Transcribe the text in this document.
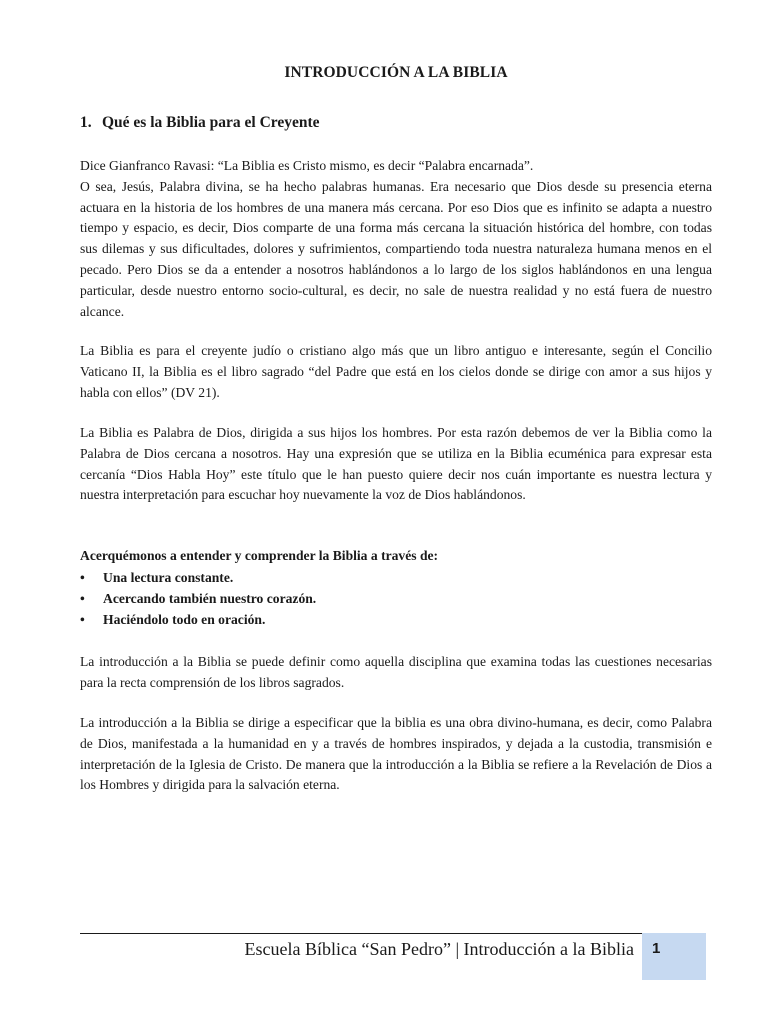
INTRODUCCIÓN A LA BIBLIA
1. Qué es la Biblia para el Creyente

Dice Gianfranco Ravasi: “La Biblia es Cristo mismo, es decir “Palabra encarnada”.

O sea, Jesús, Palabra divina, se ha hecho palabras humanas. Era necesario que Dios desde su presencia eterna actuara en la historia de los hombres de una manera más cercana. Por eso Dios que es infinito se adapta a nuestro tiempo y espacio, es decir, Dios comparte de una forma más cercana la situación histórica del hombre, con todas sus dilemas y sus dificultades, dolores y sufrimientos, compartiendo toda nuestra naturaleza humana menos en el pecado. Pero Dios se da a entender a nosotros hablándonos a lo largo de los siglos hablándonos en una lengua particular, desde nuestro entorno socio-cultural, es decir, no sale de nuestra realidad y no está fuera de nuestro alcance.

La Biblia es para el creyente judío o cristiano algo más que un libro antiguo e interesante, según el Concilio Vaticano II, la Biblia es el libro sagrado “del Padre que está en los cielos donde se dirige con amor a sus hijos y habla con ellos” (DV 21).
La Biblia es Palabra de Dios, dirigida a sus hijos los hombres. Por esta razón debemos de ver la Biblia como la Palabra de Dios cercana a nosotros. Hay una expresión que se utiliza en la Biblia ecuménica para expresar esta cercanía “Dios Habla Hoy” este título que le han puesto quiere decir nos cuán importante es nuestra lectura y nuestra interpretación para escuchar hoy nuevamente la voz de Dios hablándonos.
Acerquémonos a entender y comprender la Biblia a través de:
• Una lectura constante.
• Acercando también nuestro corazón.
• Haciéndolo todo en oración.
La introducción a la Biblia se puede definir como aquella disciplina que examina todas las cuestiones necesarias para la recta comprensión de los libros sagrados.
La introducción a la Biblia se dirige a especificar que la biblia es una obra divino-humana, es decir, como Palabra de Dios, manifestada a la humanidad en y a través de hombres inspirados, y dejada a la custodia, transmisión e interpretación de la Iglesia de Cristo. De manera que la introducción a la Biblia se refiere a la Revelación de Dios a los Hombres y dirigida para la salvación eterna.
Escuela Bíblica “San Pedro” | Introducción a la Biblia 1
